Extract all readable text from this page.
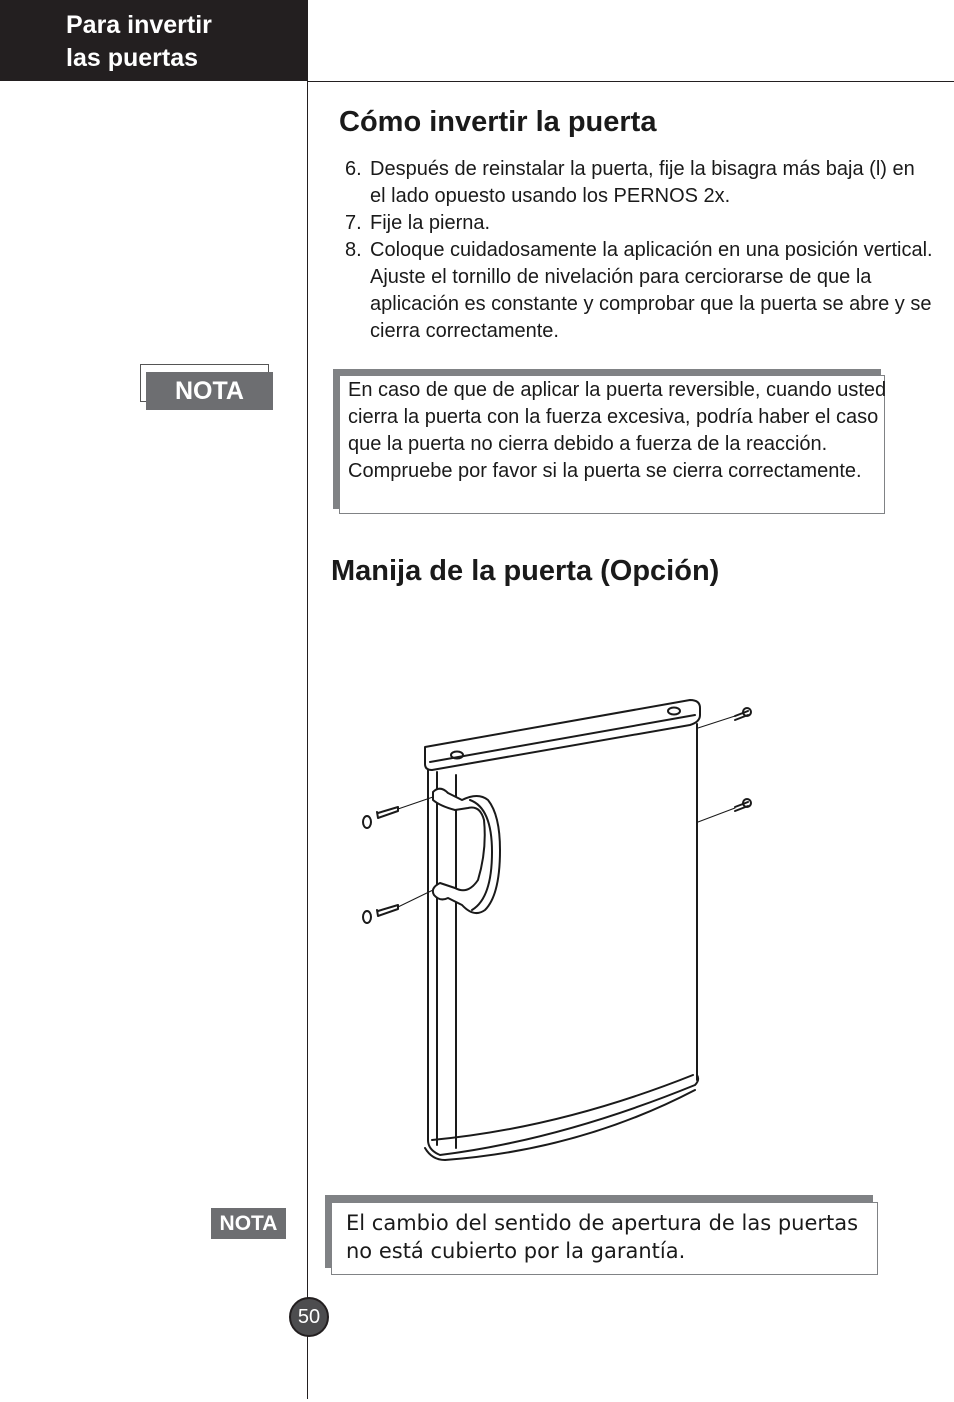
Para invertir
las puertas
Cómo invertir la puerta
6. Después de reinstalar la puerta, fije la bisagra más baja (l) en el lado opuesto usando los PERNOS 2x.
7. Fije la pierna.
8. Coloque cuidadosamente la aplicación en una posición vertical. Ajuste el tornillo de nivelación para cerciorarse de que la aplicación es constante y comprobar que la puerta se abre y se cierra correctamente.
NOTA	En caso de que de aplicar la puerta reversible, cuando usted cierra la puerta con la fuerza excesiva, podría haber el caso que la puerta no cierra debido a fuerza de la reacción. Compruebe por favor si la puerta se cierra correctamente.
Manija de la puerta (Opción)
NOTA	El cambio del sentido de apertura de las puertas no está cubierto por la garantía.
50
